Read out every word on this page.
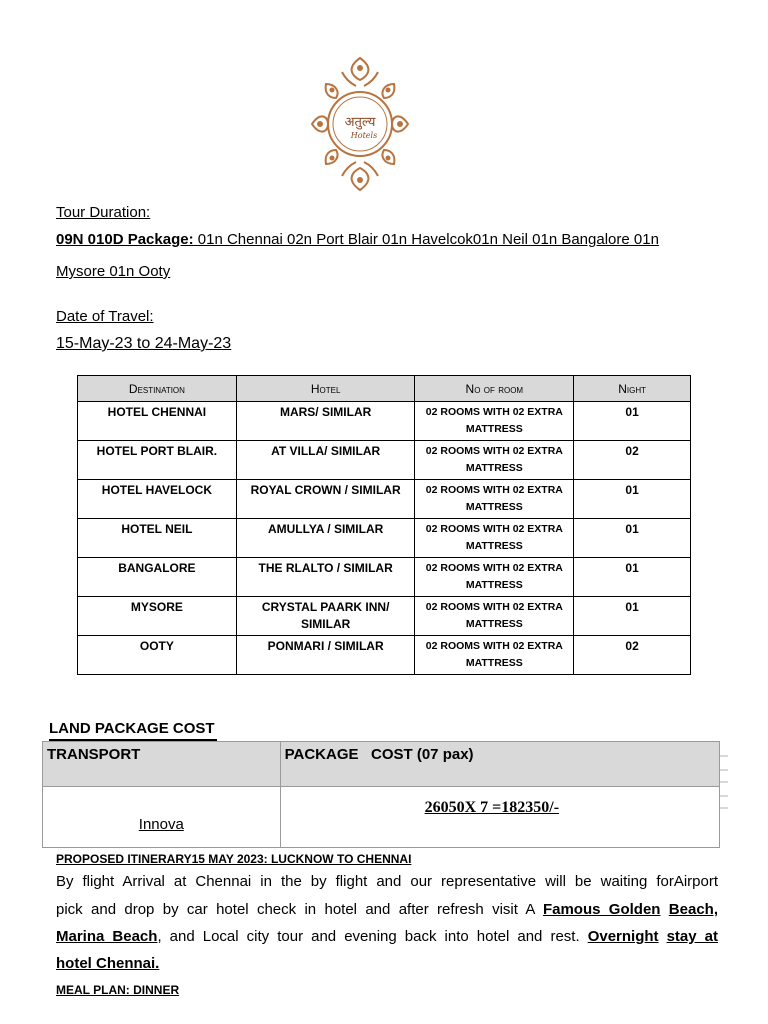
अतुल्य
Hotels
Tour Duration:
09N 010D Package: 01n Chennai 02n Port Blair 01n Havelcok01n Neil 01n Bangalore 01n
Mysore 01n Ooty
Date of Travel:
15-May-23 to 24-May-23
Destination	Hotel	No of room	Night
HOTEL CHENNAI	MARS/ SIMILAR	02 ROOMS WITH 02 EXTRA MATTRESS	01
HOTEL PORT BLAIR.	AT VILLA/ SIMILAR	02 ROOMS WITH 02 EXTRA MATTRESS	02
HOTEL HAVELOCK	ROYAL CROWN / SIMILAR	02 ROOMS WITH 02 EXTRA MATTRESS	01
HOTEL NEIL	AMULLYA / SIMILAR	02 ROOMS WITH 02 EXTRA MATTRESS	01
BANGALORE	THE RLALTO / SIMILAR	02 ROOMS WITH 02 EXTRA MATTRESS	01
MYSORE	CRYSTAL PAARK INN/ SIMILAR	02 ROOMS WITH 02 EXTRA MATTRESS	01
OOTY	PONMARI / SIMILAR	02 ROOMS WITH 02 EXTRA MATTRESS	02
LAND PACKAGE COST
TRANSPORT	PACKAGE   COST (07 pax)
Innova	26050X 7 =182350/-
PROPOSED ITINERARY15 MAY 2023: LUCKNOW TO CHENNAI
By flight Arrival at Chennai in the by flight and our representative will be waiting forAirport
pick and drop by car hotel check in hotel and after refresh visit A Famous Golden Beach,
Marina Beach, and Local city tour and evening back into hotel and rest. Overnight stay at
hotel Chennai.
MEAL PLAN: DINNER
